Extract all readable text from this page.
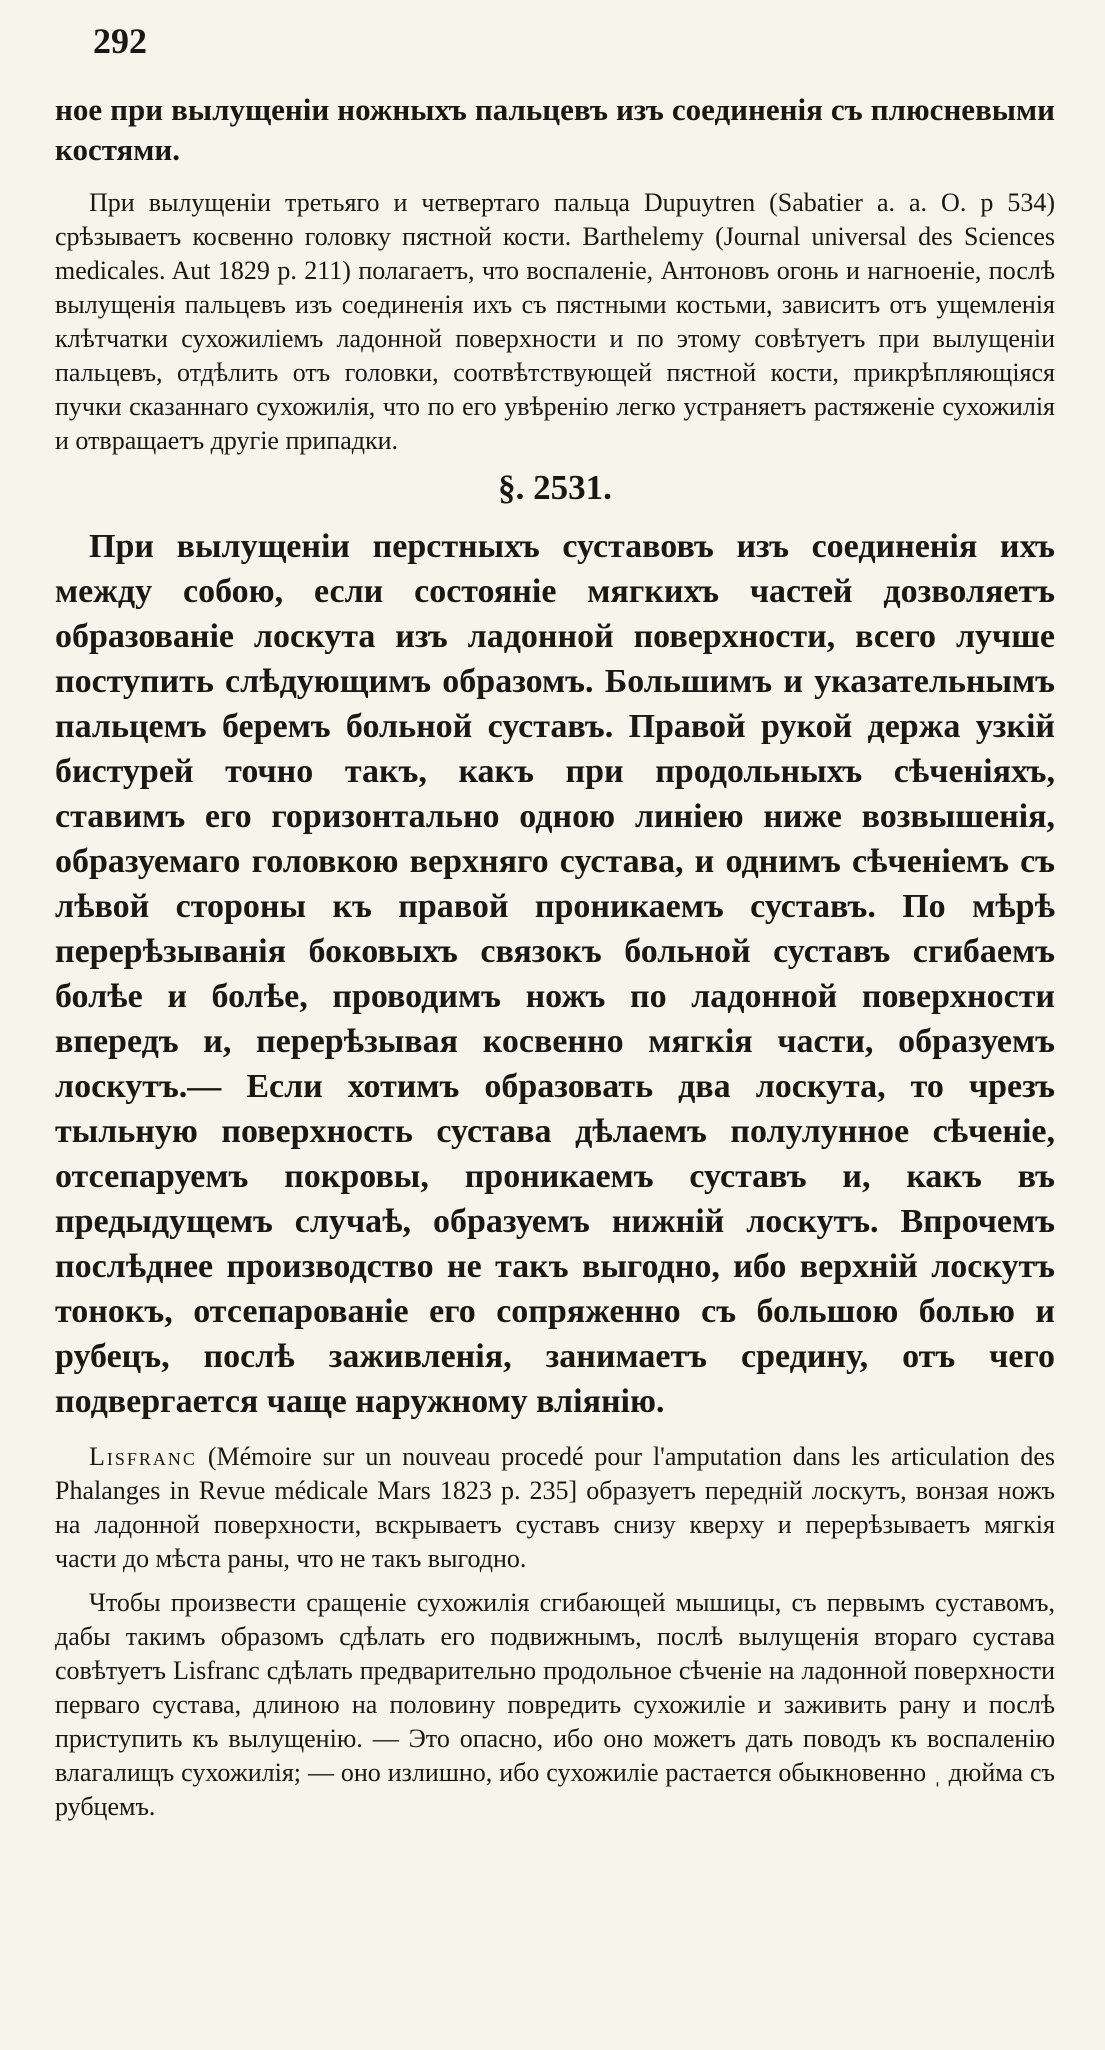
292

ное при вылущеніи ножныхъ пальцевъ изъ соединенія съ плюсневыми костями.

При вылущеніи третьяго и четвертаго пальца Dupuytren (Sabatier a. a. O. p 534) срѣзываетъ косвенно головку пястной кости. Barthelemy (Journal universal des Sciences medicales. Aut 1829 p. 211) полагаетъ, что воспаленіе, Антоновъ огонь и нагноеніе, послѣ вылущенія пальцевъ изъ соединенія ихъ съ пястными костьми, зависитъ отъ ущемленія клѣтчатки сухожиліемъ ладонной поверхности и по этому совѣтуетъ при вылущеніи пальцевъ, отдѣлить отъ головки, соотвѣтствующей пястной кости, прикрѣпляющіяся пучки сказаннаго сухожилія, что по его увѣренію легко устраняетъ растяженіе сухожилія и отвращаетъ другіе припадки.

§. 2531.

При вылущеніи перстныхъ суставовъ изъ соединенія ихъ между собою, если состояніе мягкихъ частей дозволяетъ образованіе лоскута изъ ладонной поверхности, всего лучше поступить слѣдующимъ образомъ. Большимъ и указательнымъ пальцемъ беремъ больной суставъ. Правой рукой держа узкій бистурей точно такъ, какъ при продольныхъ сѣченіяхъ, ставимъ его горизонтально одною линіею ниже возвышенія, образуемаго головкою верхняго сустава, и однимъ сѣченіемъ съ лѣвой стороны къ правой проникаемъ суставъ. По мѣрѣ перерѣзыванія боковыхъ связокъ больной суставъ сгибаемъ болѣе и болѣе, проводимъ ножъ по ладонной поверхности впередъ и, перерѣзывая косвенно мягкія части, образуемъ лоскутъ.— Если хотимъ образовать два лоскута, то чрезъ тыльную поверхность сустава дѣлаемъ полулунное сѣченіе, отсепаруемъ покровы, проникаемъ суставъ и, какъ въ предыдущемъ случаѣ, образуемъ нижній лоскутъ. Впрочемъ послѣднее производство не такъ выгодно, ибо верхній лоскутъ тонокъ, отсепарованіе его сопряженно съ большою болью и рубецъ, послѣ заживленія, занимаетъ средину, отъ чего подвергается чаще наружному вліянію.

Lisfranc (Mémoire sur un nouveau procedé pour l'amputation dans les articulation des Phalanges in Revue médicale Mars 1823 p. 235] образуетъ передній лоскутъ, вонзая ножъ на ладонной поверхности, вскрываетъ суставъ снизу кверху и перерѣзываетъ мягкія части до мѣста раны, что не такъ выгодно.

Чтобы произвести сращеніе сухожилія сгибающей мышицы, съ первымъ суставомъ, дабы такимъ образомъ сдѣлать его подвижнымъ, послѣ вылущенія втораго сустава совѣтуетъ Lisfranc сдѣлать предварительно продольное сѣченіе на ладонной поверхности перваго сустава, длиною на половину повредить сухожиліе и заживить рану и послѣ приступить къ вылущенію. — Это опасно, ибо оно можетъ дать поводъ къ воспаленію влагалищъ сухожилія; — оно излишно, ибо сухожиліе растается обыкновенно ˌ дюйма съ рубцемъ.
